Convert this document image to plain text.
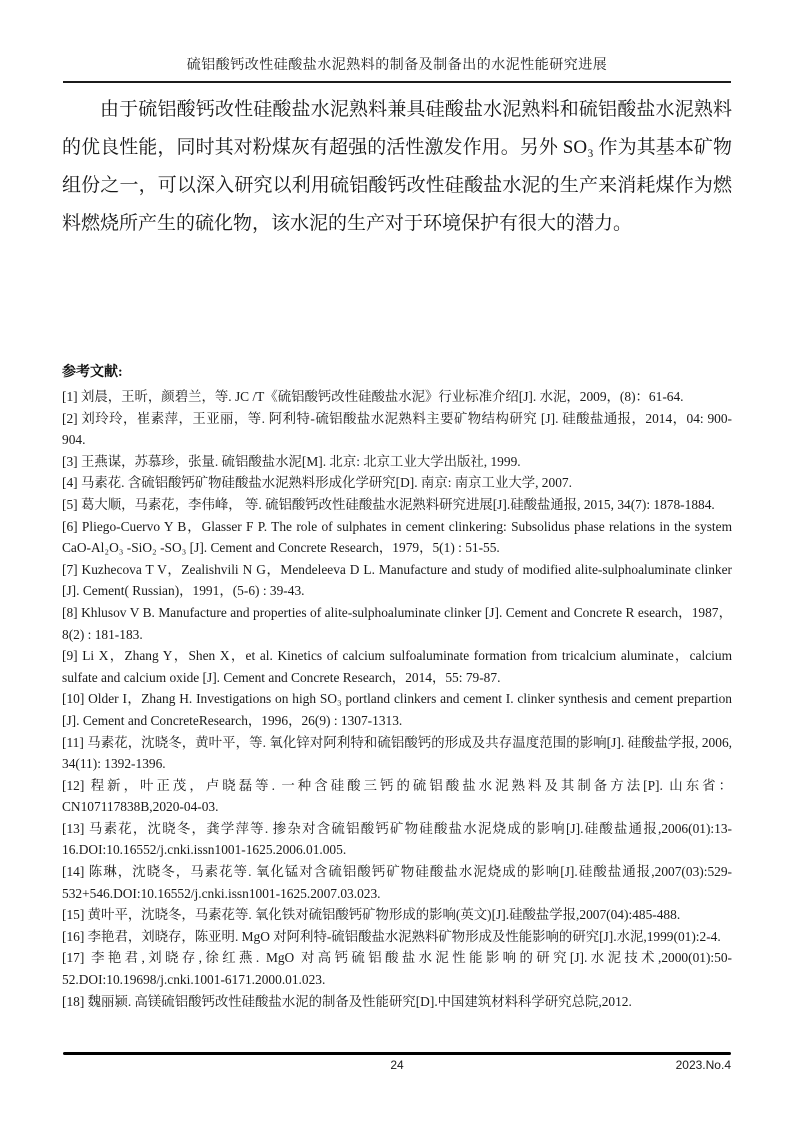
硫铝酸钙改性硅酸盐水泥熟料的制备及制备出的水泥性能研究进展
由于硫铝酸钙改性硅酸盐水泥熟料兼具硅酸盐水泥熟料和硫铝酸盐水泥熟料的优良性能，同时其对粉煤灰有超强的活性激发作用。另外 SO₃ 作为其基本矿物组份之一，可以深入研究以利用硫铝酸钙改性硅酸盐水泥的生产来消耗煤作为燃料燃烧所产生的硫化物，该水泥的生产对于环境保护有很大的潜力。

参考文献:

[1] 刘晨，王昕，颜碧兰，等. JC /T《硫铝酸钙改性硅酸盐水泥》行业标准介绍[J]. 水泥，2009，(8)：61-64.

[2] 刘玲玲，崔素萍，王亚丽，等. 阿利特-硫铝酸盐水泥熟料主要矿物结构研究 [J]. 硅酸盐通报，2014，04: 900-904.

[3] 王燕谋，苏慕珍，张量. 硫铝酸盐水泥[M]. 北京: 北京工业大学出版社, 1999.

[4] 马素花. 含硫铝酸钙矿物硅酸盐水泥熟料形成化学研究[D]. 南京: 南京工业大学, 2007.

[5] 葛大顺，马素花，李伟峰， 等. 硫铝酸钙改性硅酸盐水泥熟料研究进展[J].硅酸盐通报, 2015, 34(7): 1878-1884.

[6] Pliego-Cuervo Y B，Glasser F P. The role of sulphates in cement clinkering: Subsolidus phase relations in the system CaO-Al₂O₃ -SiO₂ -SO₃ [J]. Cement and Concrete Research，1979，5(1) : 51-55.

[7] Kuzhecova T V，Zealishvili N G，Mendeleeva D L. Manufacture and study of modified alite-sulphoaluminate clinker [J]. Cement( Russian)，1991，(5-6) : 39-43.

[8] Khlusov V B. Manufacture and properties of alite-sulphoaluminate clinker [J]. Cement and Concrete R esearch，1987，8(2) : 181-183.

[9] Li X，Zhang Y，Shen X，et al. Kinetics of calcium sulfoaluminate formation from tricalcium aluminate，calcium sulfate and calcium oxide [J]. Cement and Concrete Research，2014，55: 79-87.

[10] Older I，Zhang H. Investigations on high SO₃ portland clinkers and cement I. clinker synthesis and cement prepartion [J]. Cement and ConcreteResearch，1996，26(9) : 1307-1313.

[11] 马素花，沈晓冬，黄叶平，等. 氧化锌对阿利特和硫铝酸钙的形成及共存温度范围的影响[J]. 硅酸盐学报, 2006, 34(11): 1392-1396.

[12] 程新，叶正茂，卢晓磊等. 一种含硅酸三钙的硫铝酸盐水泥熟料及其制备方法[P]. 山东省：CN107117838B,2020-04-03.

[13] 马素花，沈晓冬，龚学萍等. 掺杂对含硫铝酸钙矿物硅酸盐水泥烧成的影响[J].硅酸盐通报,2006(01):13-16.DOI:10.16552/j.cnki.issn1001-1625.2006.01.005.

[14] 陈琳，沈晓冬，马素花等. 氧化锰对含硫铝酸钙矿物硅酸盐水泥烧成的影响[J].硅酸盐通报,2007(03):529-532+546.DOI:10.16552/j.cnki.issn1001-1625.2007.03.023.

[15] 黄叶平，沈晓冬，马素花等. 氧化铁对硫铝酸钙矿物形成的影响(英文)[J].硅酸盐学报,2007(04):485-488.

[16] 李艳君，刘晓存，陈亚明. MgO 对阿利特-硫铝酸盐水泥熟料矿物形成及性能影响的研究[J].水泥,1999(01):2-4.

[17] 李艳君,刘晓存,徐红燕. MgO 对高钙硫铝酸盐水泥性能影响的研究[J].水泥技术,2000(01):50-52.DOI:10.19698/j.cnki.1001-6171.2000.01.023.

[18] 魏丽颍. 高镁硫铝酸钙改性硅酸盐水泥的制备及性能研究[D].中国建筑材料科学研究总院,2012.

24	2023.No.4
